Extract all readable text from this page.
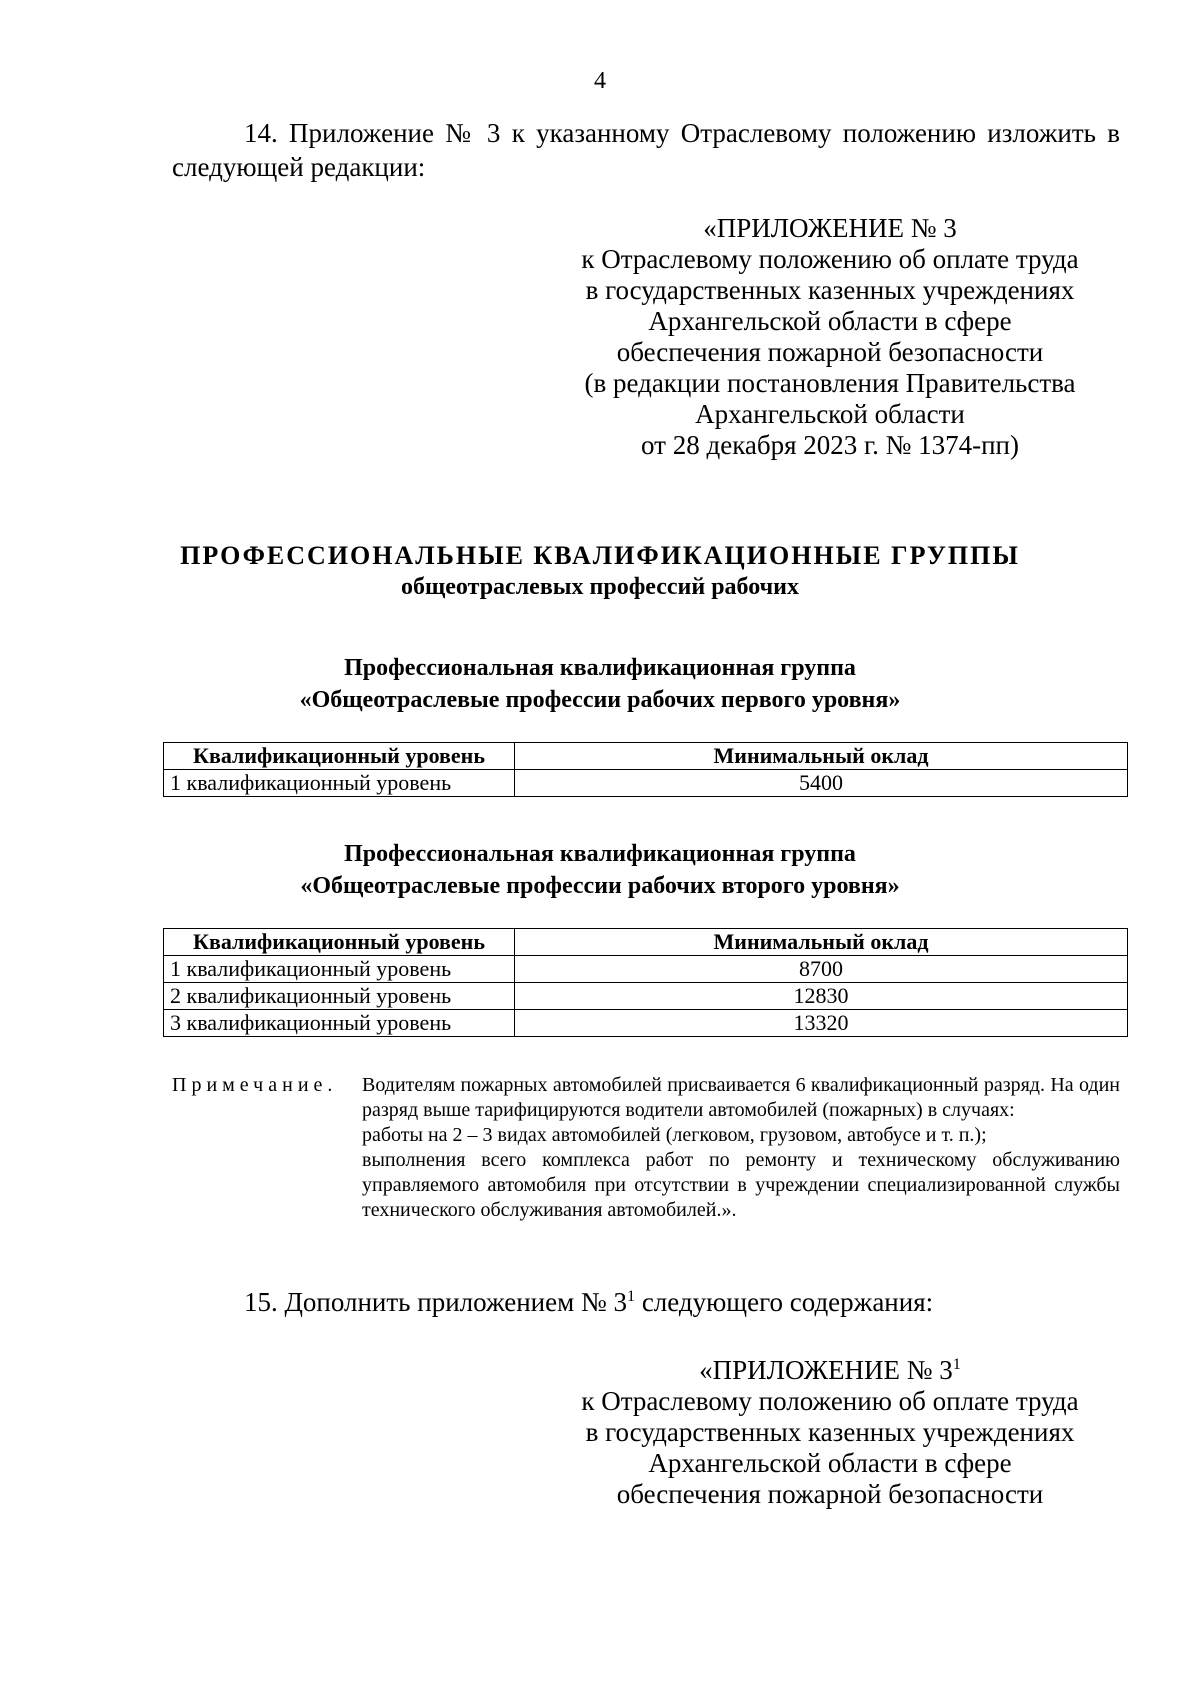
4
14. Приложение № 3 к указанному Отраслевому положению изложить в следующей редакции:
«ПРИЛОЖЕНИЕ № 3
к Отраслевому положению об оплате труда
в государственных казенных учреждениях
Архангельской области в сфере
обеспечения пожарной безопасности
(в редакции постановления Правительства
Архангельской области
от 28 декабря 2023 г. № 1374-пп)
ПРОФЕССИОНАЛЬНЫЕ КВАЛИФИКАЦИОННЫЕ ГРУППЫ
общеотраслевых профессий рабочих
Профессиональная квалификационная группа
«Общеотраслевые профессии рабочих первого уровня»
Квалификационный уровень	Минимальный оклад
1 квалификационный уровень	5400
Профессиональная квалификационная группа
«Общеотраслевые профессии рабочих второго уровня»
Квалификационный уровень	Минимальный оклад
1 квалификационный уровень	8700
2 квалификационный уровень	12830
3 квалификационный уровень	13320
Примечание. Водителям пожарных автомобилей присваивается 6 квалификационный разряд. На один разряд выше тарифицируются водители автомобилей (пожарных) в случаях:

работы на 2 – 3 видах автомобилей (легковом, грузовом, автобусе и т. п.);

выполнения всего комплекса работ по ремонту и техническому обслуживанию управляемого автомобиля при отсутствии в учреждении специализированной службы технического обслуживания автомобилей.».

15. Дополнить приложением № $3^1$ следующего содержания:
«ПРИЛОЖЕНИЕ № $3^1$
к Отраслевому положению об оплате труда
в государственных казенных учреждениях
Архангельской области в сфере
обеспечения пожарной безопасности
